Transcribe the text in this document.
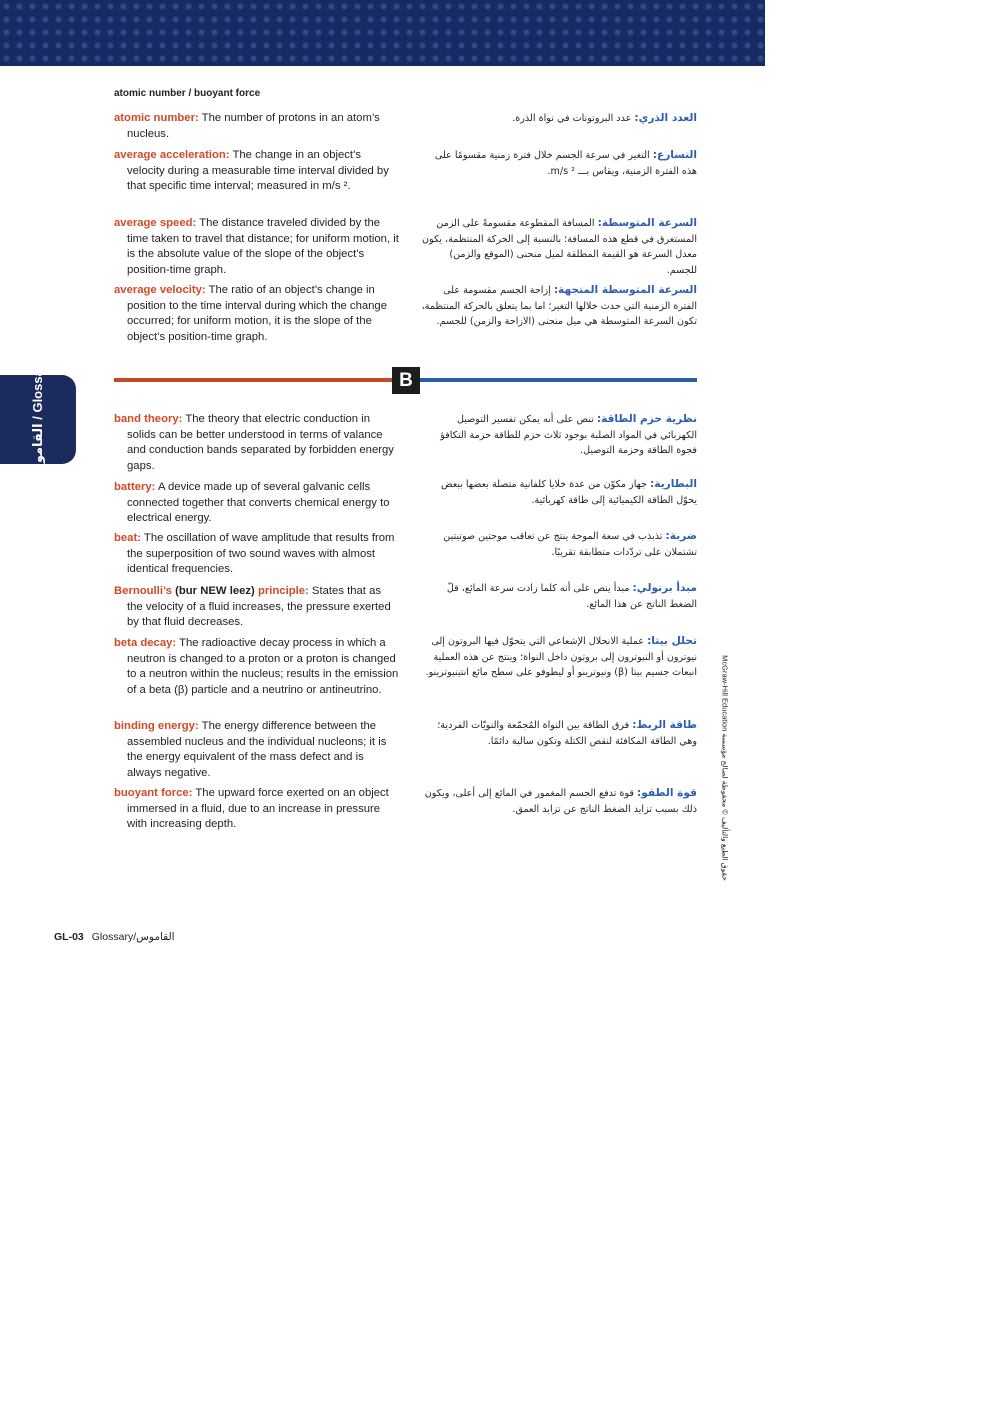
atomic number / buoyant force

atomic number: The number of protons in an atom’s nucleus.

العدد الذري: عدد البروتونات في نواة الذرة.

average acceleration: The change in an object’s velocity during a measurable time interval divided by that specific time interval; measured in m/s ².

التسارع: التغير في سرعة الجسم خلال فترة زمنية مقسومًا على هذه الفترة الزمنية، ويقاس بـــ m/s ².

average speed: The distance traveled divided by the time taken to travel that distance; for uniform motion, it is the absolute value of the slope of the object’s position-time graph.

السرعة المتوسطة: المسافة المقطوعة مقسومةً على الزمن المستغرق في قطع هذه المسافة؛ بالنسبة إلى الحركة المنتظمة، يكون معدل السرعة هو القيمة المطلقة لميل منحنى (الموقع والزمن) للجسم.

average velocity: The ratio of an object’s change in position to the time interval during which the change occurred; for uniform motion, it is the slope of the object’s position-time graph.

السرعة المتوسطة المتجهة: إزاحة الجسم مقسومة على الفترة الزمنية التي حدث خلالها التغير؛ اما بما يتعلق بالحركة المنتظمة، تكون السرعة المتوسطة هي ميل منحنى (الازاحة والزمن) للجسم.

B
القاموس / Glossary	band theory: The theory that electric conduction in solids can be better understood in terms of valance and conduction bands separated by forbidden energy gaps.

نظرية حزم الطاقة: تنص على أنه يمكن تفسير التوصيل الكهربائي في المواد الصلبة بوجود ثلاث حزم للطاقة حزمة التكافؤ فجوة الطاقة وحزمة التوصيل.

battery: A device made up of several galvanic cells connected together that converts chemical energy to electrical energy.

البطارية: جهاز مكوّن من عدة خلايا كلفانية متصلة بعضها ببعض يحوّل الطاقة الكيميائية إلى طاقة كهربائية.

beat: The oscillation of wave amplitude that results from the superposition of two sound waves with almost identical frequencies.

ضربة: تذبذب في سعة الموجة ينتج عن تعاقب موجتين صوتيتين تشتملان على تردّدات متطابقة تقريبًا.

Bernoulli’s (bur NEW leez) principle: States that as the velocity of a fluid increases, the pressure exerted by that fluid decreases.

مبدأ برنولي: مبدأ ينص على أنه كلما زادت سرعة المائع، قلّ الضغط الناتج عن هذا المائع.

beta decay: The radioactive decay process in which a neutron is changed to a proton or a proton is changed to a neutron within the nucleus; results in the emission of a beta (β) particle and a neutrino or antineutrino.

تحلل بيتا: عملية الانحلال الإشعاعي التي يتحوّل فيها البروتون إلى نيوترون أو النيوترون إلى بروتون داخل النواة؛ وينتج عن هذه العملية انبعاث جسيم بيتا (β) ونيوترينو أو ليطوفو على سطح مائع انتينيوترينو.

binding energy: The energy difference between the assembled nucleus and the individual nucleons; it is the energy equivalent of the mass defect and is always negative.

طاقة الربط: فرق الطاقة بين النواة المُجمّعة والنويّات الفردية؛ وهي الطاقة المكافئة لنقص الكتلة وتكون سالبة دائمًا.

buoyant force: The upward force exerted on an object immersed in a fluid, due to an increase in pressure with increasing depth.

قوة الطفو: قوة تدفع الجسم المغمور في المائع إلى أعلى، ويكون ذلك بسبب تزايد الضغط الناتج عن تزايد العمق.

McGraw-Hill Education حقوق الطبع والتأليف © محفوظة لصالح مؤسسة
GL-03 Glossary/القاموس
